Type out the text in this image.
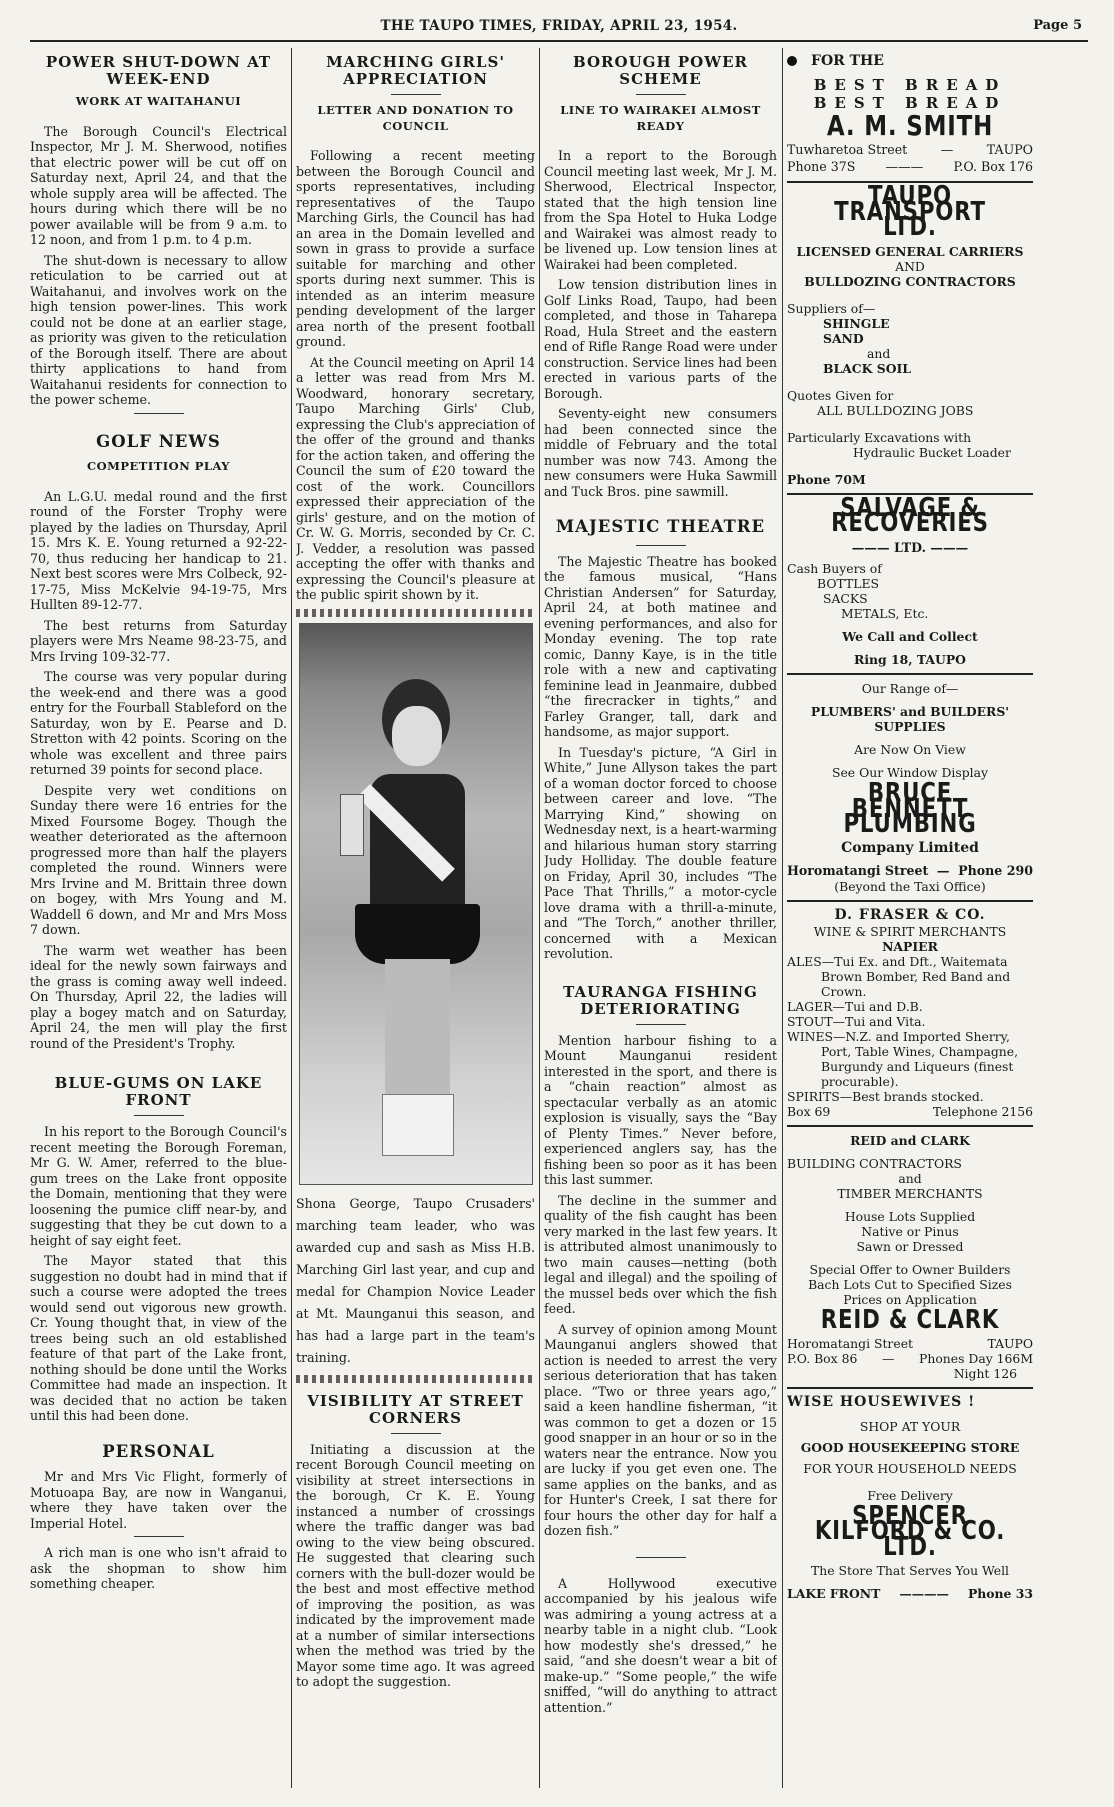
THE TAUPO TIMES, FRIDAY, APRIL 23, 1954.	Page 5
POWER SHUT-DOWN AT WEEK-END
WORK AT WAITAHANUI

The Borough Council's Electrical Inspector, Mr J. M. Sherwood, notifies that electric power will be cut off on Saturday next, April 24, and that the whole supply area will be affected. The hours during which there will be no power available will be from 9 a.m. to 12 noon, and from 1 p.m. to 4 p.m.

The shut-down is necessary to allow reticulation to be carried out at Waitahanui, and involves work on the high tension power-lines. This work could not be done at an earlier stage, as priority was given to the reticulation of the Borough itself. There are about thirty applications to hand from Waitahanui residents for connection to the power scheme.

GOLF NEWS
COMPETITION PLAY

An L.G.U. medal round and the first round of the Forster Trophy were played by the ladies on Thursday, April 15. Mrs K. E. Young returned a 92-22-70, thus reducing her handicap to 21. Next best scores were Mrs Colbeck, 92-17-75, Miss McKelvie 94-19-75, Mrs Hullten 89-12-77.

The best returns from Saturday players were Mrs Neame 98-23-75, and Mrs Irving 109-32-77.

The course was very popular during the week-end and there was a good entry for the Fourball Stableford on the Saturday, won by E. Pearse and D. Stretton with 42 points. Scoring on the whole was excellent and three pairs returned 39 points for second place.

Despite very wet conditions on Sunday there were 16 entries for the Mixed Foursome Bogey. Though the weather deteriorated as the afternoon progressed more than half the players completed the round. Winners were Mrs Irvine and M. Brittain three down on bogey, with Mrs Young and M. Waddell 6 down, and Mr and Mrs Moss 7 down.

The warm wet weather has been ideal for the newly sown fairways and the grass is coming away well indeed. On Thursday, April 22, the ladies will play a bogey match and on Saturday, April 24, the men will play the first round of the President's Trophy.

BLUE-GUMS ON LAKE FRONT

In his report to the Borough Council's recent meeting the Borough Foreman, Mr G. W. Amer, referred to the blue-gum trees on the Lake front opposite the Domain, mentioning that they were loosening the pumice cliff near-by, and suggesting that they be cut down to a height of say eight feet.

The Mayor stated that this suggestion no doubt had in mind that if such a course were adopted the trees would send out vigorous new growth. Cr. Young thought that, in view of the trees being such an old established feature of that part of the Lake front, nothing should be done until the Works Committee had made an inspection. It was decided that no action be taken until this had been done.

PERSONAL

Mr and Mrs Vic Flight, formerly of Motuoapa Bay, are now in Wanganui, where they have taken over the Imperial Hotel.

A rich man is one who isn't afraid to ask the shopman to show him something cheaper.

MARCHING GIRLS' APPRECIATION
LETTER AND DONATION TO COUNCIL

Following a recent meeting between the Borough Council and sports representatives, including representatives of the Taupo Marching Girls, the Council has had an area in the Domain levelled and sown in grass to provide a surface suitable for marching and other sports during next summer. This is intended as an interim measure pending development of the larger area north of the present football ground.

At the Council meeting on April 14 a letter was read from Mrs M. Woodward, honorary secretary, Taupo Marching Girls' Club, expressing the Club's appreciation of the offer of the ground and thanks for the action taken, and offering the Council the sum of £20 toward the cost of the work. Councillors expressed their appreciation of the girls' gesture, and on the motion of Cr. W. G. Morris, seconded by Cr. C. J. Vedder, a resolution was passed accepting the offer with thanks and expressing the Council's pleasure at the public spirit shown by it.

Shona George, Taupo Crusaders' marching team leader, who was awarded cup and sash as Miss H.B. Marching Girl last year, and cup and medal for Champion Novice Leader at Mt. Maunganui this season, and has had a large part in the team's training.
VISIBILITY AT STREET CORNERS

Initiating a discussion at the recent Borough Council meeting on visibility at street intersections in the borough, Cr K. E. Young instanced a number of crossings where the traffic danger was bad owing to the view being obscured. He suggested that clearing such corners with the bull-dozer would be the best and most effective method of improving the position, as was indicated by the improvement made at a number of similar intersections when the method was tried by the Mayor some time ago. It was agreed to adopt the suggestion.

BOROUGH POWER SCHEME
LINE TO WAIRAKEI ALMOST READY

In a report to the Borough Council meeting last week, Mr J. M. Sherwood, Electrical Inspector, stated that the high tension line from the Spa Hotel to Huka Lodge and Wairakei was almost ready to be livened up. Low tension lines at Wairakei had been completed.

Low tension distribution lines in Golf Links Road, Taupo, had been completed, and those in Taharepa Road, Hula Street and the eastern end of Rifle Range Road were under construction. Service lines had been erected in various parts of the Borough.

Seventy-eight new consumers had been connected since the middle of February and the total number was now 743. Among the new consumers were Huka Sawmill and Tuck Bros. pine sawmill.

MAJESTIC THEATRE

The Majestic Theatre has booked the famous musical, “Hans Christian Andersen” for Saturday, April 24, at both matinee and evening performances, and also for Monday evening. The top rate comic, Danny Kaye, is in the title role with a new and captivating feminine lead in Jeanmaire, dubbed “the firecracker in tights,” and Farley Granger, tall, dark and handsome, as major support.

In Tuesday's picture, “A Girl in White,” June Allyson takes the part of a woman doctor forced to choose between career and love. “The Marrying Kind,” showing on Wednesday next, is a heart-warming and hilarious human story starring Judy Holliday. The double feature on Friday, April 30, includes “The Pace That Thrills,” a motor-cycle love drama with a thrill-a-minute, and “The Torch,” another thriller, concerned with a Mexican revolution.

TAURANGA FISHING DETERIORATING

Mention harbour fishing to a Mount Maunganui resident interested in the sport, and there is a “chain reaction” almost as spectacular verbally as an atomic explosion is visually, says the “Bay of Plenty Times.” Never before, experienced anglers say, has the fishing been so poor as it has been this last summer.

The decline in the summer and quality of the fish caught has been very marked in the last few years. It is attributed almost unanimously to two main causes—netting (both legal and illegal) and the spoiling of the mussel beds over which the fish feed.

A survey of opinion among Mount Maunganui anglers showed that action is needed to arrest the very serious deterioration that has taken place. “Two or three years ago,” said a keen handline fisherman, “it was common to get a dozen or 15 good snapper in an hour or so in the waters near the entrance. Now you are lucky if you get even one. The same applies on the banks, and as for Hunter's Creek, I sat there for four hours the other day for half a dozen fish.”

A Hollywood executive accompanied by his jealous wife was admiring a young actress at a nearby table in a night club. “Look how modestly she's dressed,” he said, “and she doesn't wear a bit of make-up.” “Some people,” the wife sniffed, “will do anything to attract attention.”

FOR THE
BEST BREAD
BEST BREAD
A. M. SMITH
Tuwharetoa Street	—	TAUPO
Phone 37S ——— P.O. Box 176
TAUPO TRANSPORT LTD.
LICENSED GENERAL CARRIERS
AND
BULLDOZING CONTRACTORS
Suppliers of—
SHINGLE
SAND
and
BLACK SOIL
Quotes Given for
ALL BULLDOZING JOBS
Particularly Excavations with
Hydraulic Bucket Loader
Phone 70M
SALVAGE & RECOVERIES
——— LTD. ———
Cash Buyers of
BOTTLES
SACKS
METALS, Etc.
We Call and Collect
Ring 18, TAUPO
Our Range of—
PLUMBERS' and BUILDERS'
SUPPLIES
Are Now On View
See Our Window Display
BRUCE BENNETT PLUMBING
Company Limited
Horomatangi Street — Phone 290
(Beyond the Taxi Office)
D. FRASER & CO.
WINE & SPIRIT MERCHANTS
NAPIER

ALES—Tui Ex. and Dft., Waitemata Brown Bomber, Red Band and Crown.

LAGER—Tui and D.B.

STOUT—Tui and Vita.

WINES—N.Z. and Imported Sherry, Port, Table Wines, Champagne, Burgundy and Liqueurs (finest procurable).

SPIRITS—Best brands stocked.

Box 69	Telephone 2156
REID and CLARK
BUILDING CONTRACTORS
and
TIMBER MERCHANTS
House Lots Supplied
Native or Pinus
Sawn or Dressed
Special Offer to Owner Builders
Bach Lots Cut to Specified Sizes
Prices on Application
REID & CLARK
Horomatangi Street	TAUPO
P.O. Box 86 — Phones Day 166M
Night 126
WISE HOUSEWIVES !
SHOP AT YOUR
GOOD HOUSEKEEPING STORE
FOR YOUR HOUSEHOLD NEEDS
Free Delivery
SPENCER KILFORD & CO. LTD.
The Store That Serves You Well
LAKE FRONT ———— Phone 33
